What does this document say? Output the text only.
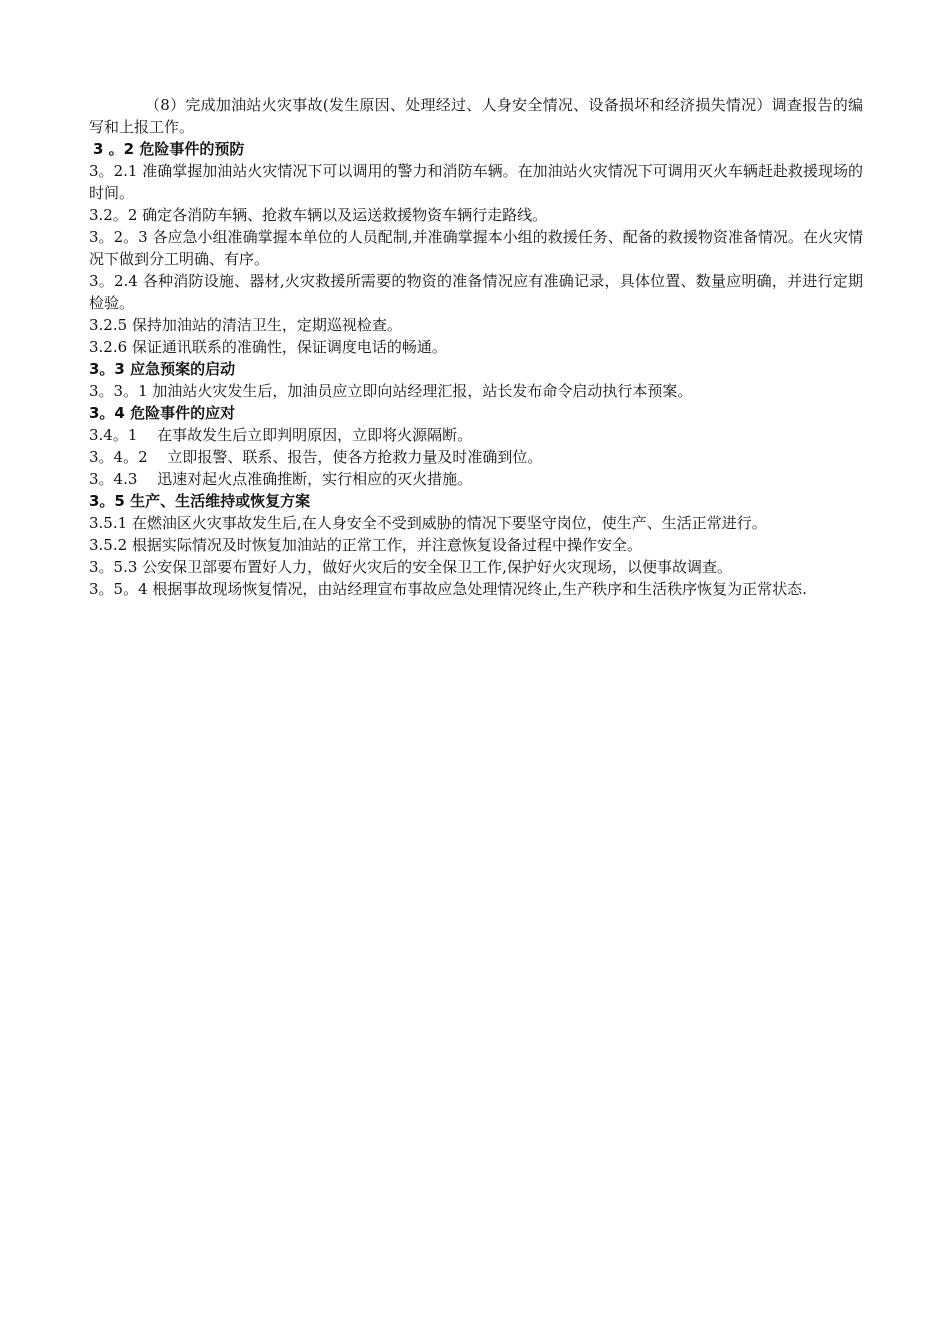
（8）完成加油站火灾事故(发生原因、处理经过、人身安全情况、设备损坏和经济损失情况）调查报告的编写和上报工作。

3 。2 危险事件的预防

3。2.1 准确掌握加油站火灾情况下可以调用的警力和消防车辆。在加油站火灾情况下可调用灭火车辆赶赴救援现场的时间。

3.2。2 确定各消防车辆、抢救车辆以及运送救援物资车辆行走路线。

3。2。3 各应急小组准确掌握本单位的人员配制,并准确掌握本小组的救援任务、配备的救援物资准备情况。在火灾情况下做到分工明确、有序。

3。2.4 各种消防设施、器材,火灾救援所需要的物资的准备情况应有准确记录，具体位置、数量应明确，并进行定期检验。

3.2.5 保持加油站的清洁卫生，定期巡视检查。

3.2.6 保证通讯联系的准确性，保证调度电话的畅通。

3。3 应急预案的启动

3。3。1 加油站火灾发生后，加油员应立即向站经理汇报，站长发布命令启动执行本预案。

3。4 危险事件的应对

3.4。1　 在事故发生后立即判明原因，立即将火源隔断。

3。4。2　 立即报警、联系、报告，使各方抢救力量及时准确到位。

3。4.3　 迅速对起火点准确推断，实行相应的灭火措施。

3。5 生产、生活维持或恢复方案

3.5.1 在燃油区火灾事故发生后,在人身安全不受到威胁的情况下要坚守岗位，使生产、生活正常进行。

3.5.2 根据实际情况及时恢复加油站的正常工作，并注意恢复设备过程中操作安全。

3。5.3 公安保卫部要布置好人力，做好火灾后的安全保卫工作,保护好火灾现场，以便事故调查。

3。5。4 根据事故现场恢复情况，由站经理宣布事故应急处理情况终止,生产秩序和生活秩序恢复为正常状态.
